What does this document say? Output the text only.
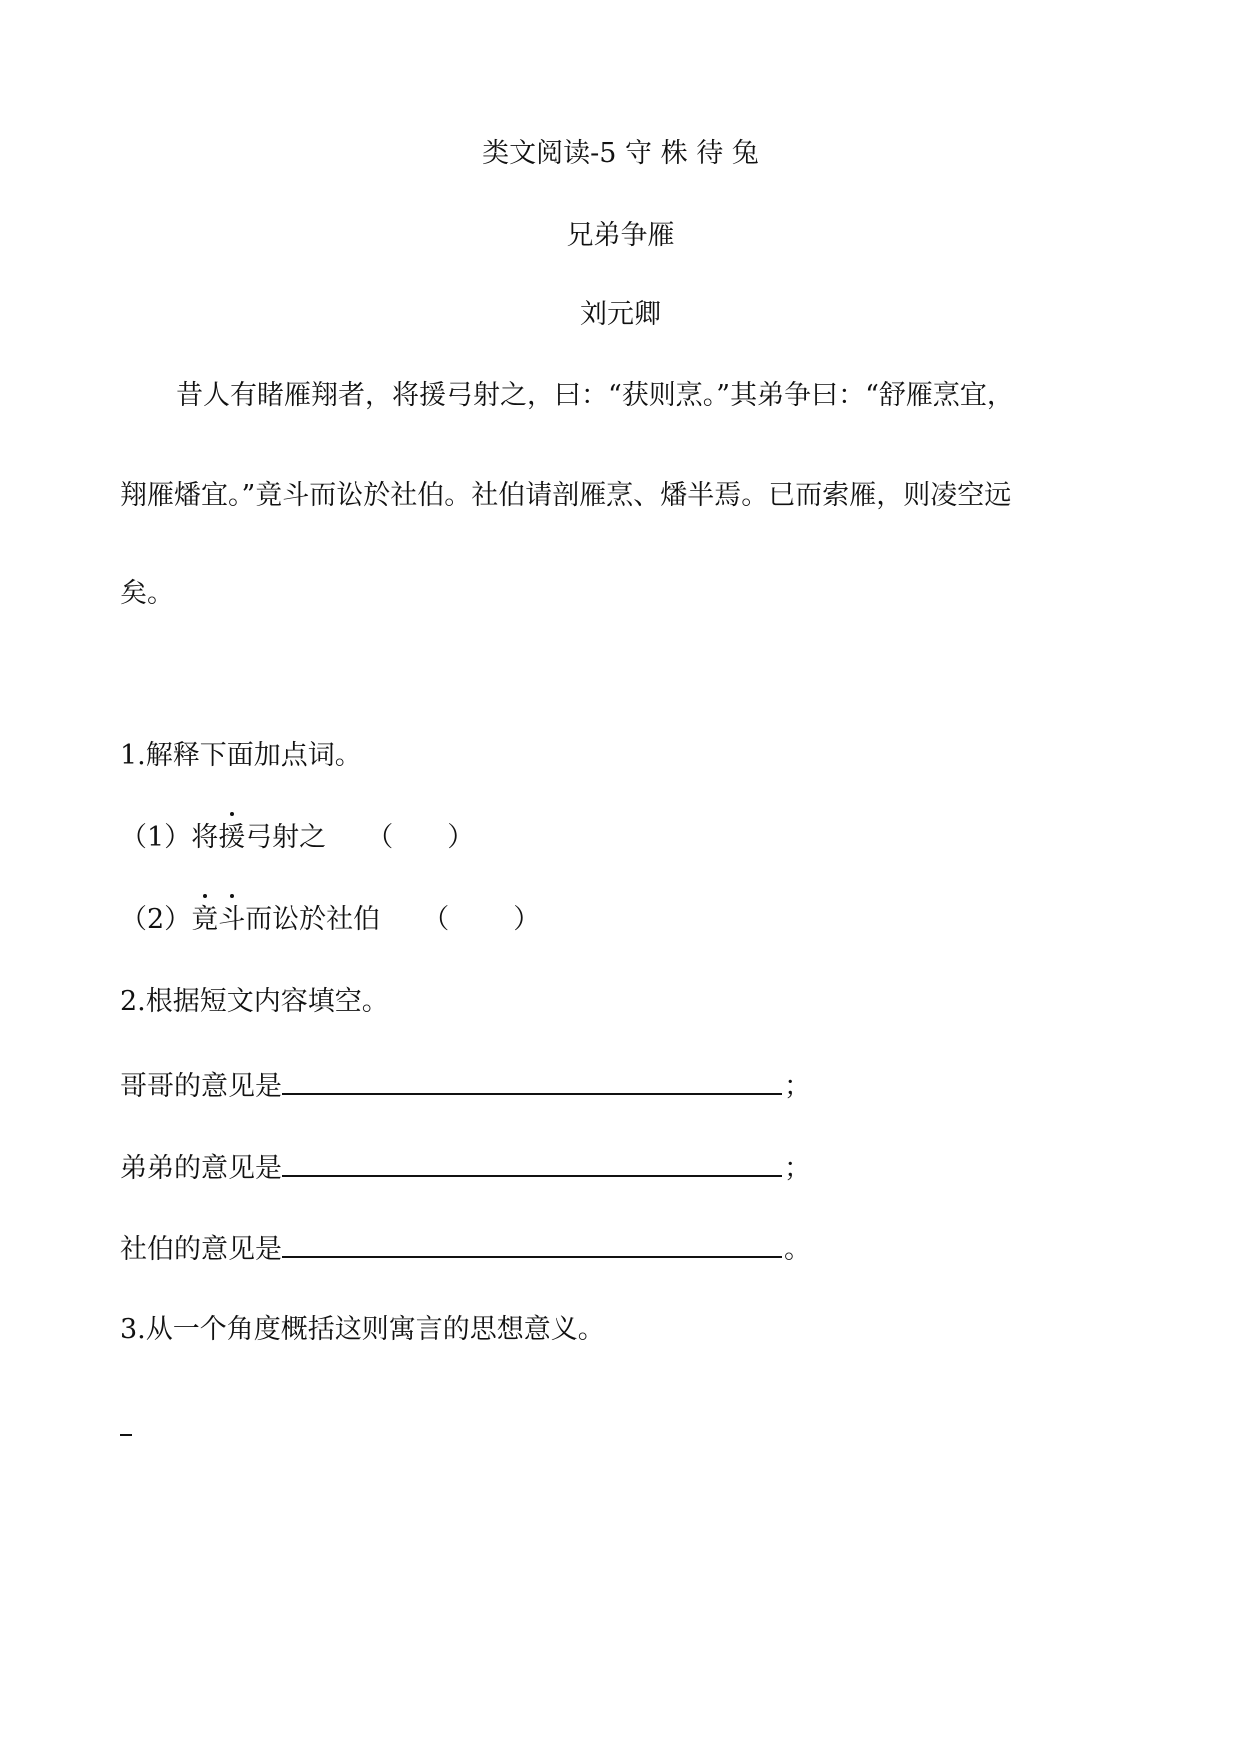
类文阅读-5 守 株 待 兔
兄弟争雁
刘元卿
昔人有睹雁翔者，将援弓射之，曰：“获则烹。”其弟争曰：“舒雁烹宜，
翔雁燔宜。”竟斗而讼於社伯。社伯请剖雁烹、燔半焉。已而索雁，则凌空远
矣。
1.解释下面加点词。
（1）将
援弓射之 （ ）
（2）
竟
斗而讼於社伯 （ ）
2.根据短文内容填空。
哥哥的意见是	；
弟弟的意见是	；
社伯的意见是	。
3.从一个角度概括这则寓言的思想意义。
